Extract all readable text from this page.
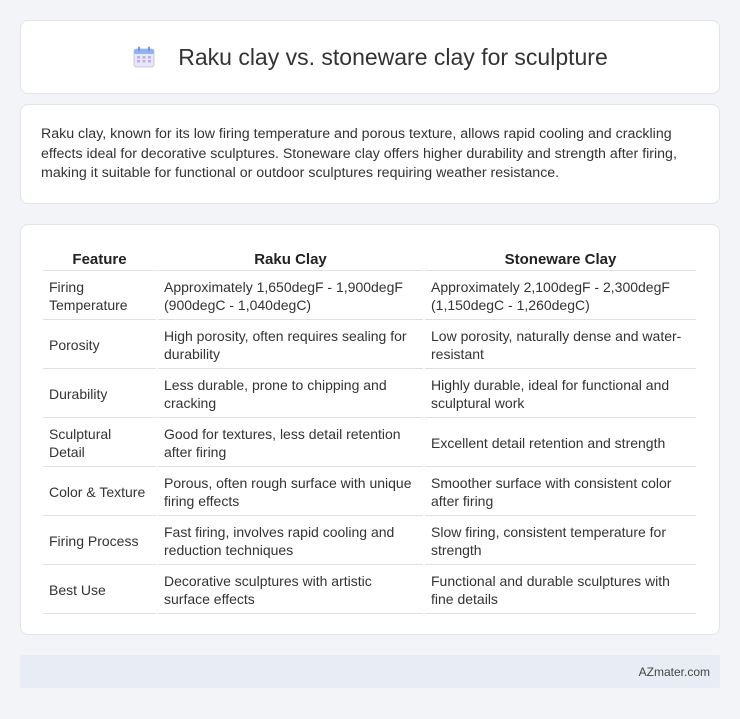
Raku clay vs. stoneware clay for sculpture

Raku clay, known for its low firing temperature and porous texture, allows rapid cooling and crackling effects ideal for decorative sculptures. Stoneware clay offers higher durability and strength after firing, making it suitable for functional or outdoor sculptures requiring weather resistance.

Feature	Raku Clay	Stoneware Clay
Firing Temperature	Approximately 1,650degF - 1,900degF (900degC - 1,040degC)	Approximately 2,100degF - 2,300degF (1,150degC - 1,260degC)
Porosity	High porosity, often requires sealing for durability	Low porosity, naturally dense and water-resistant
Durability	Less durable, prone to chipping and cracking	Highly durable, ideal for functional and sculptural work
Sculptural Detail	Good for textures, less detail retention after firing	Excellent detail retention and strength
Color & Texture	Porous, often rough surface with unique firing effects	Smoother surface with consistent color after firing
Firing Process	Fast firing, involves rapid cooling and reduction techniques	Slow firing, consistent temperature for strength
Best Use	Decorative sculptures with artistic surface effects	Functional and durable sculptures with fine details
AZmater.com
